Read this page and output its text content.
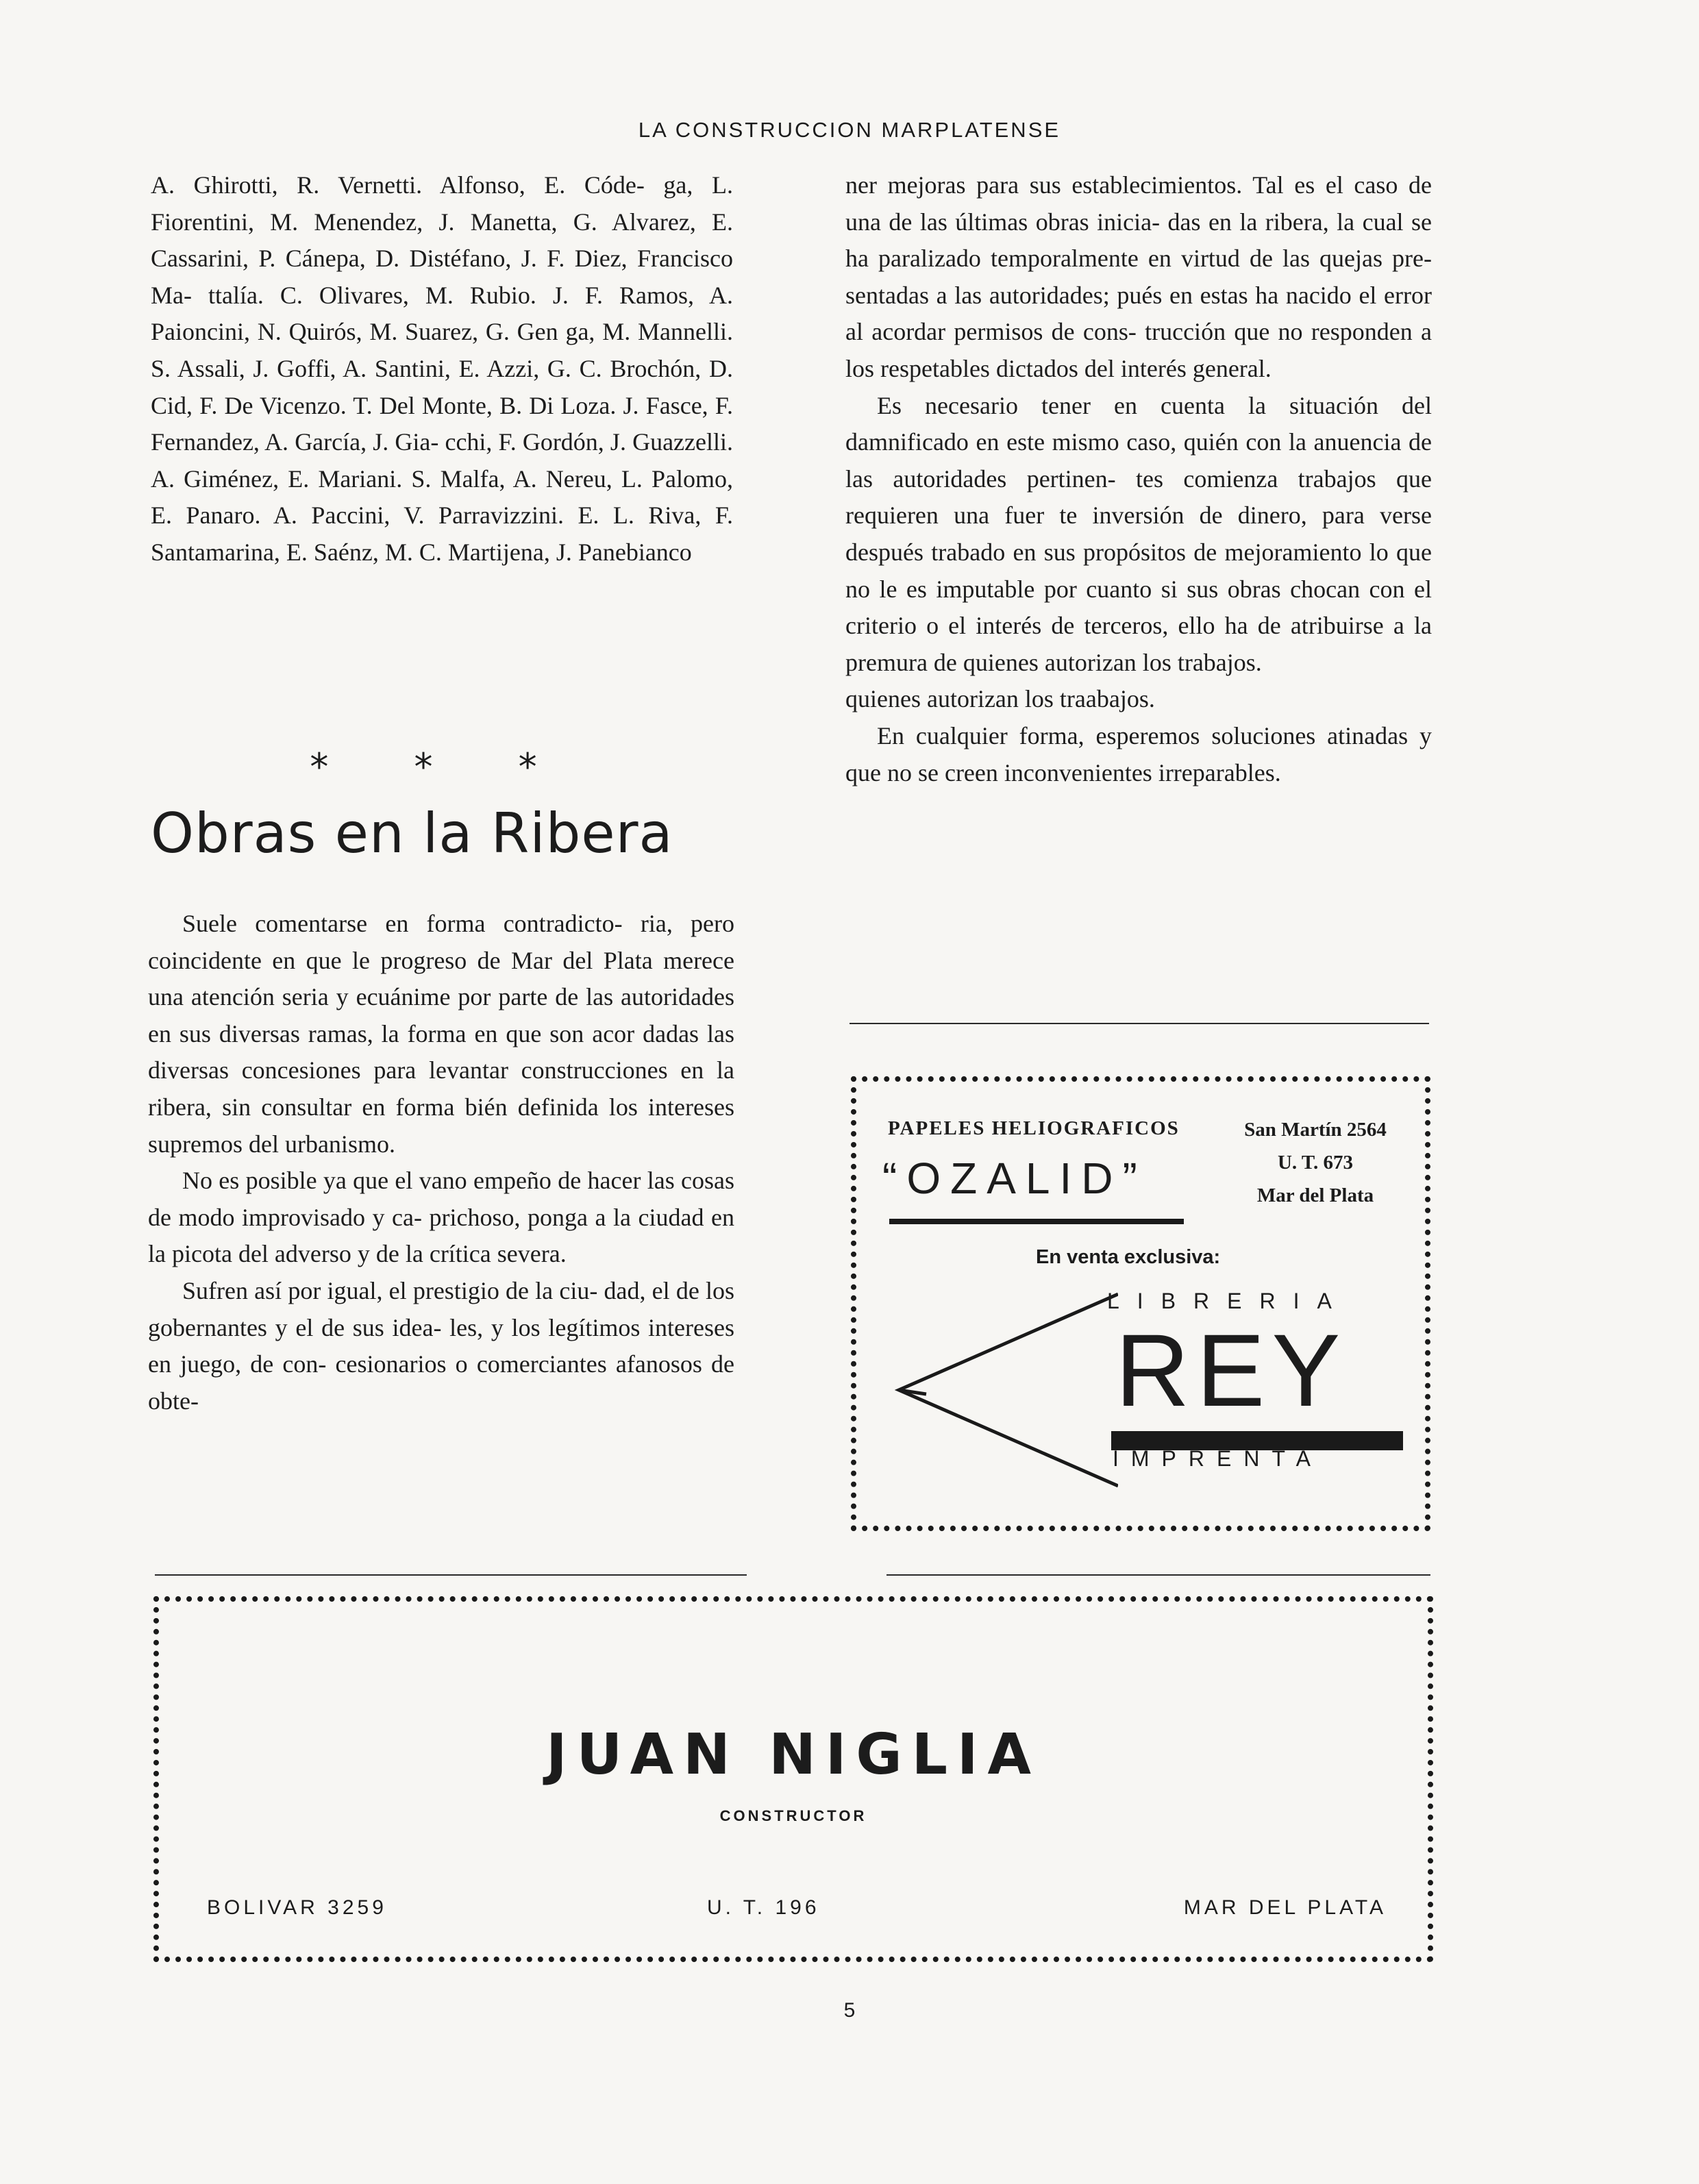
LA CONSTRUCCION MARPLATENSE

A. Ghirotti, R. Vernetti. Alfonso, E. Códe- ga, L. Fiorentini, M. Menendez, J. Manetta, G. Alvarez, E. Cassarini, P. Cánepa, D. Distéfano, J. F. Diez, Francisco Ma- ttalía. C. Olivares, M. Rubio. J. F. Ramos, A. Paioncini, N. Quirós, M. Suarez, G. Gen ga, M. Mannelli. S. Assali, J. Goffi, A. Santini, E. Azzi, G. C. Brochón, D. Cid, F. De Vicenzo. T. Del Monte, B. Di Loza. J. Fasce, F. Fernandez, A. García, J. Gia- cchi, F. Gordón, J. Guazzelli. A. Giménez, E. Mariani. S. Malfa, A. Nereu, L. Palomo, E. Panaro. A. Paccini, V. Parravizzini. E. L. Riva, F. Santamarina, E. Saénz, M. C. Martijena, J. Panebianco

* * *
Obras en la Ribera

Suele comentarse en forma contradicto- ria, pero coincidente en que le progreso de Mar del Plata merece una atención seria y ecuánime por parte de las autoridades en sus diversas ramas, la forma en que son acor dadas las diversas concesiones para levantar construcciones en la ribera, sin consultar en forma bién definida los intereses supremos del urbanismo.

No es posible ya que el vano empeño de hacer las cosas de modo improvisado y ca- prichoso, ponga a la ciudad en la picota del adverso y de la crítica severa.

Sufren así por igual, el prestigio de la ciu- dad, el de los gobernantes y el de sus idea- les, y los legítimos intereses en juego, de con- cesionarios o comerciantes afanosos de obte-

ner mejoras para sus establecimientos. Tal es el caso de una de las últimas obras inicia- das en la ribera, la cual se ha paralizado temporalmente en virtud de las quejas pre- sentadas a las autoridades; pués en estas ha nacido el error al acordar permisos de cons- trucción que no responden a los respetables dictados del interés general.

Es necesario tener en cuenta la situación del damnificado en este mismo caso, quién con la anuencia de las autoridades pertinen- tes comienza trabajos que requieren una fuer te inversión de dinero, para verse después trabado en sus propósitos de mejoramiento lo que no le es imputable por cuanto si sus obras chocan con el criterio o el interés de terceros, ello ha de atribuirse a la premura de quienes autorizan los trabajos.

quienes autorizan los traabajos.

En cualquier forma, esperemos soluciones atinadas y que no se creen inconvenientes irreparables.

PAPELES HELIOGRAFICOS
“OZALID”
San Martín 2564
U. T. 673
Mar del Plata
En venta exclusiva:
LIBRERIA
REY
IMPRENTA
JUAN NIGLIA
CONSTRUCTOR
BOLIVAR 3259	U. T. 196	MAR DEL PLATA
5
